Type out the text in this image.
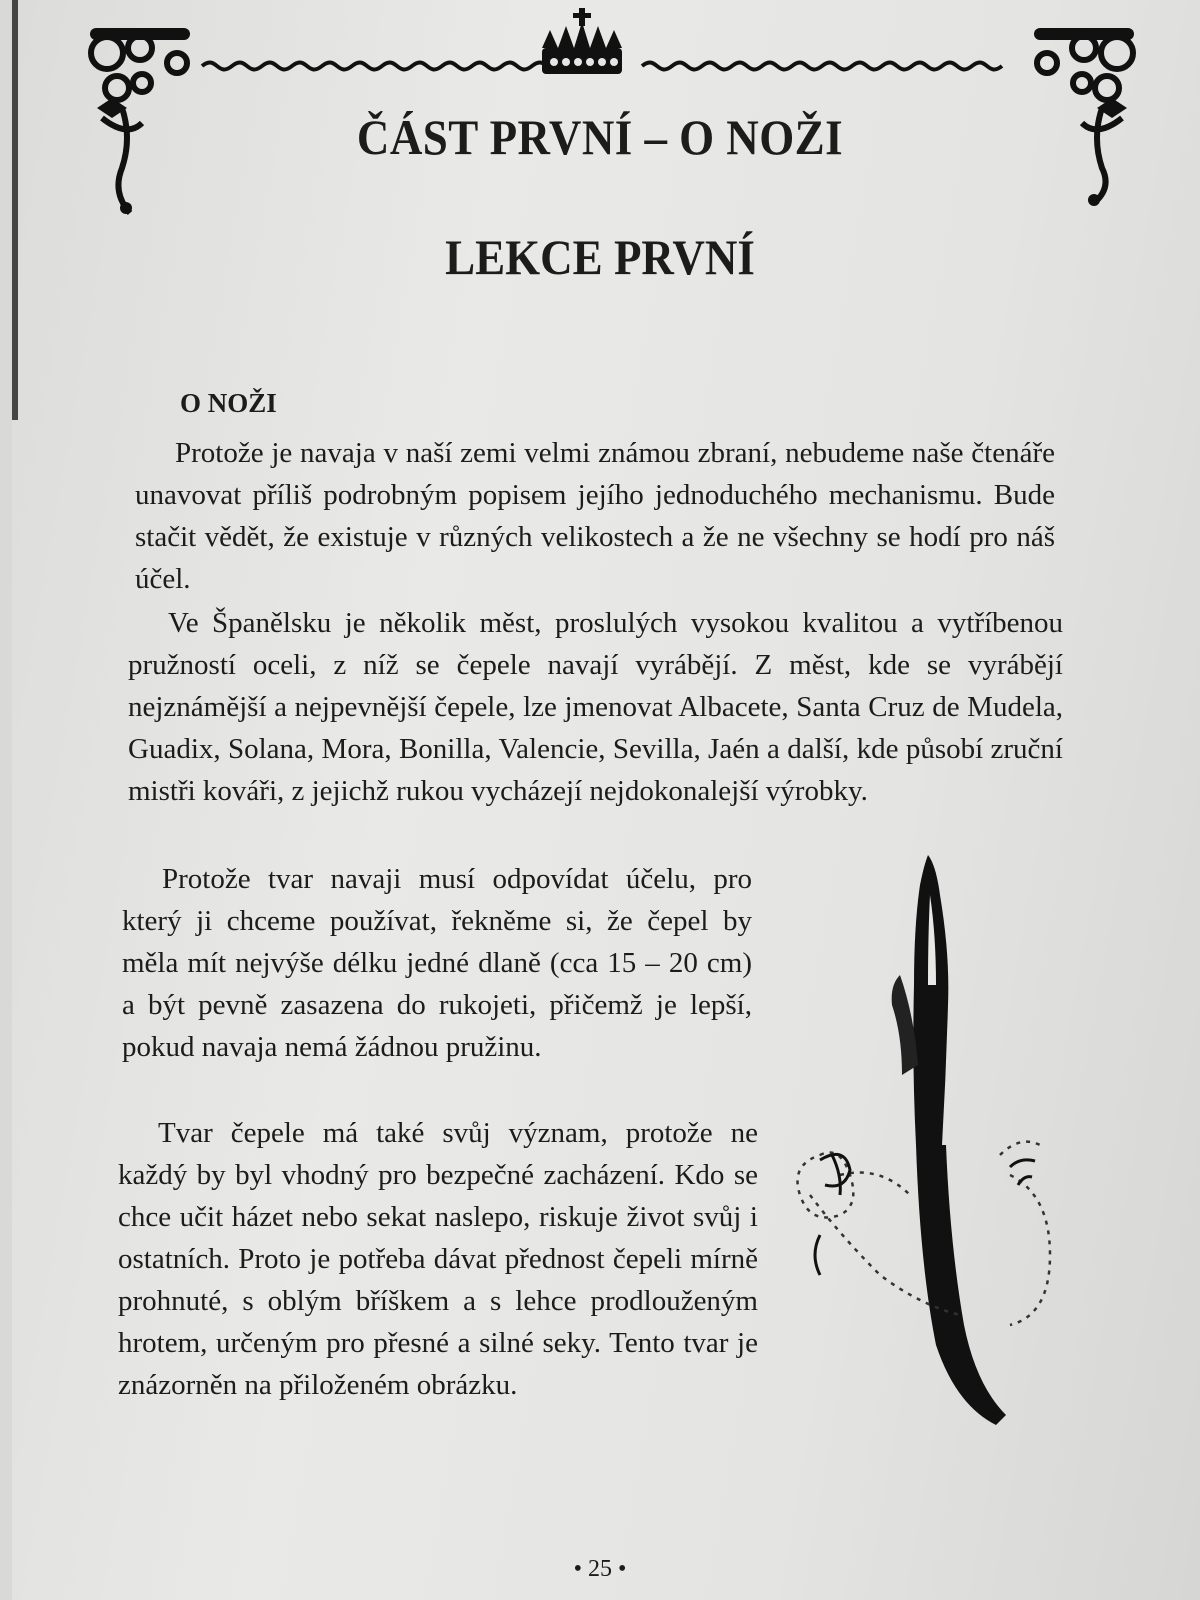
ČÁST PRVNÍ – O NOŽI
LEKCE PRVNÍ
O NOŽI

Protože je navaja v naší zemi velmi známou zbraní, nebudeme naše čtenáře unavovat příliš podrobným popisem jejího jednoduchého mechanismu. Bude stačit vědět, že existuje v různých velikostech a že ne všechny se hodí pro náš účel.

Ve Španělsku je několik měst, proslulých vysokou kvalitou a vytříbenou pružností oceli, z níž se čepele navají vyrábějí. Z měst, kde se vyrábějí nejznámější a nejpevnější čepele, lze jmenovat Albacete, Santa Cruz de Mudela, Guadix, Solana, Mora, Bonilla, Valencie, Sevilla, Jaén a další, kde působí zruční mistři kováři, z jejichž rukou vycházejí nejdokonalejší výrobky.

Protože tvar navaji musí odpovídat účelu, pro který ji chceme používat, řekněme si, že čepel by měla mít nejvýše délku jedné dlaně (cca 15 – 20 cm) a být pevně zasazena do rukojeti, přičemž je lepší, pokud navaja nemá žádnou pružinu.

Tvar čepele má také svůj význam, protože ne každý by byl vhodný pro bezpečné zacházení. Kdo se chce učit házet nebo sekat naslepo, riskuje život svůj i ostatních. Proto je potřeba dávat přednost čepeli mírně prohnuté, s oblým bříškem a s lehce prodlouženým hrotem, určeným pro přesné a silné seky. Tento tvar je znázorněn na přiloženém obrázku.

• 25 •
